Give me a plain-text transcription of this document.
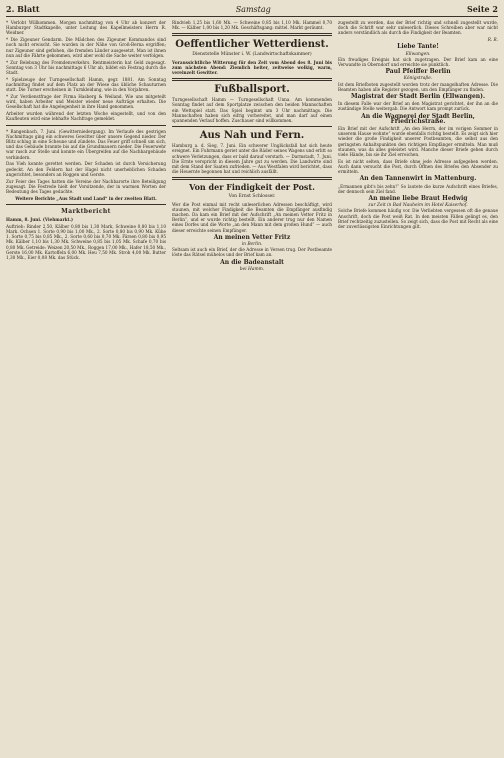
2. Blatt	Samstag	Seite 2

* Verlobt Willkommen. Morgen nachmittag von 4 Uhr ab konzert der Hamburger Stadtkapelle, unter Leitung des Kapellmeisters Herrn R. Weidner.

* Die Zigeuner Gendarm. Die Mädchen des Zigeuner Kommandos sind noch nicht erwischt. Sie wurden in der Nähe von Groß-Berna ergriffen; nur Zigeuner sind geflohen, die fremden Länder ausgesetzt. Man ist ihnen nun auf die Fährte gekommen, wird aber wohl die Sache weiter verfolgen.

* Zur Belebung des Fremdenverkehrs. Rentmeisterin hat Geld zugesagt. Sonntag von 3 Uhr bis nachmittags 6 Uhr ab, bildet ein Festzug durch die Stadt.

* Spielzeuge der Turngesellschaft Hamm, gegr. 1881. Am Sonntag nachmittag findet auf dem Platz an der Wiese das übliche Schauturnen statt. Die Turner erscheinen in Turnkleidung, wie in den Vorjahren.

* Zur Verdienstfrage der Firma Hasberg & Weiland. Wie uns mitgeteilt wird, haben Arbeiter und Meister wieder neue Aufträge erhalten. Die Gesellschaft hat die Angelegenheit in ihre Hand genommen.

Arbeiter wurden während der letzten Woche eingestellt, und von den Kaufleuten wird eine lebhafte Nachfrage gemeldet.

* Rangenbach, 7. Juni. (Gewitterniedergang). Im Verlaufe des gestrigen Nachmittags ging ein schweres Gewitter über unsere Gegend nieder. Der Blitz schlug in eine Scheune und zündete. Das Feuer griff schnell um sich, und das Gebäude brannte bis auf die Grundmauern nieder. Die Feuerwehr war rasch zur Stelle und konnte ein Übergreifen auf die Nachbargebäude verhindern.

Das Vieh konnte gerettet werden. Der Schaden ist durch Versicherung gedeckt. An den Feldern hat der Hagel nicht unerheblichen Schaden angerichtet, besonders an Roggen und Gerste.

Zur Feier des Tages hatten die Vereine der Nachbarorte ihre Beteiligung zugesagt. Die Festrede hielt der Vorsitzende, der in warmen Worten der Bedeutung des Tages gedachte.

Weitere Berichte „Aus Stadt und Land“ in der zweiten Blatt.

Marktbericht

Hamm, 8. Juni. (Viehmarkt.)

Auftrieb: Rinder 2,50, Kälber 0,80 bis 1,30 Mark, Schweine 0,80 bis 1,10 Mark. Ochsen 1. Sorte 0,90 bis 1,00 Mk., 2. Sorte 0,80 bis 0,90 Mk. Kühe 1. Sorte 0,75 bis 0,85 Mk., 2. Sorte 0,60 bis 0,70 Mk. Färsen 0,80 bis 0,95 Mk. Kälber 1,10 bis 1,30 Mk. Schweine 0,85 bis 1,05 Mk. Schafe 0,70 bis 0,80 Mk. Getreide: Weizen 20,50 Mk., Roggen 17,00 Mk., Hafer 18,50 Mk., Gerste 16,00 Mk. Kartoffeln 6,00 Mk. Heu 7,50 Mk. Stroh 4,00 Mk. Butter 1,30 Mk., Eier 0,08 Mk. das Stück.

Rindvieh 1,25 bis 1,60 Mk. — Schweine 0,85 bis 1,10 Mk. Hammel 0,70 Mk. — Kälber 1,00 bis 1,20 Mk. Geschäftsgang: mittel. Markt geräumt.

Oeffentlicher Wetterdienst.
Dienststelle Münster i. W. (Landwirtschaftskammer)

Voraussichtliche Witterung für den Zeit vom Abend des 8. Juni bis zum nächsten Abend: Ziemlich heiter, zeitweise wolkig, warm, vereinzelt Gewitter.

Fußballsport.

Turngesellschaft Hamm — Turngesellschaft Unna. Am kommenden Sonntag findet auf dem Sportplatze zwischen den beiden Mannschaften ein Wettspiel statt. Das Spiel beginnt um 3 Uhr nachmittags. Die Mannschaften haben sich eifrig vorbereitet, und man darf auf einen spannenden Verlauf hoffen. Zuschauer sind willkommen.

Aus Nah und Fern.

Hamburg a. d. Sieg, 7. Juni. Ein schwerer Unglücksfall hat sich heute ereignet. Ein Fuhrmann geriet unter die Räder seines Wagens und erlitt so schwere Verletzungen, dass er bald darauf verstarb. — Darmstadt, 7. Juni. Die Ernte verspricht in diesem Jahre gut zu werden. Die Landwirte sind mit dem Stand der Saaten zufrieden. — Aus Westfalen wird berichtet, dass die Heuernte begonnen hat und reichlich ausfällt.

Von der Findigkeit der Post.
Von Ernst Schlosser.

Wer die Post einmal mit recht unleserlichen Adressen beschäftigt, wird staunen, mit welcher Findigkeit die Beamten die Empfänger ausfindig machen. Da kam ein Brief mit der Aufschrift „An meinen Vetter Fritz in Berlin“, und er wurde richtig bestellt. Ein anderer trug nur den Namen eines Dorfes und die Worte „an den Mann mit dem großen Hund“ — auch dieser erreichte seinen Empfänger.

An meinen Vetter Fritz
in Berlin.

Seltsam ist auch ein Brief, der die Adresse in Versen trug. Der Postbeamte löste das Rätsel mühelos und der Brief kam an.

An die Badeanstalt
bei Hamm.

zugestellt zu werden, das der Brief richtig und schnell zugestellt wurde, doch die Schrift war sehr unleserlich. Dieses Schreiben aber war nicht anders verständlich als durch die Findigkeit der Beamten.

R. R.
Liebe Tante!
Ellwangen.

Ein freudiges Ereignis hat sich zugetragen. Der Brief kam an eine Verwandte in Oberndorf und erreichte sie pünktlich.

Paul Pfeiffer Berlin
Königstraße.

Ist dem Briefboten zugestellt worden trotz der mangelhaften Adresse. Die Beamten haben alle Register gezogen, um den Empfänger zu finden.

Magistrat der Stadt Berlin (Ellwangen).

In diesem Falle war der Brief an den Magistrat gerichtet, der ihn an die zuständige Stelle weitergab. Die Antwort kam prompt zurück.

An die Wagnerei der Stadt Berlin, Friedrichstraße.

Ein Brief mit der Aufschrift „An den Herrn, der im vorigen Sommer in unserem Hause wohnte“ wurde ebenfalls richtig bestellt. Es zeigt sich hier wieder die große Findigkeit unserer Postbeamten, die selbst aus den geringsten Anhaltspunkten den richtigen Empfänger ermitteln. Man muß staunen, was da alles geleistet wird. Manche dieser Briefe gehen durch viele Hände, bis sie ihr Ziel erreichen.

Es ist nicht selten, dass Briefe ohne jede Adresse aufgegeben werden. Auch dann versucht die Post, durch Öffnen des Briefes den Absender zu ermitteln.

An den Tannenwirt in Mattenburg.

„Ermannen gibt's bis zehn!“ So lautete die kurze Aufschrift eines Briefes, der dennoch sein Ziel fand.

An meine liebe Braut Hedwig
zur Zeit in Bad Nauheim im Hotel Kaiserhof.

Solche Briefe kommen häufig vor. Die Verliebten vergessen oft die genaue Anschrift, doch die Post weiß Rat. In den meisten Fällen gelingt es, den Brief rechtzeitig zuzustellen. So zeigt sich, dass die Post mit Recht als eine der zuverlässigsten Einrichtungen gilt.
